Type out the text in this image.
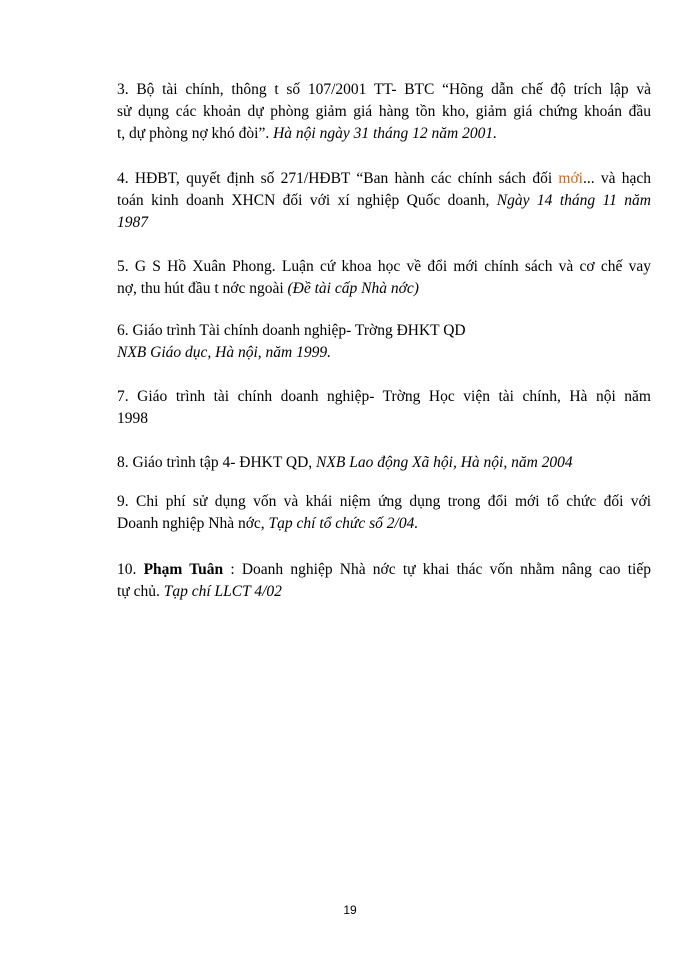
3. Bộ tài chính, thông t số 107/2001 TT- BTC “Hõng dẫn chế độ trích lập và
sử dụng các khoản dự phòng giảm giá hàng tồn kho, giảm giá chứng khoán đầu
t, dự phòng nợ khó đòi”. Hà nội ngày 31 tháng 12 năm 2001.

4. HĐBT, quyết định số 271/HĐBT “Ban hành các chính sách đối mới... và hạch
toán kinh doanh XHCN đối với xí nghiệp Quốc doanh, Ngày 14 tháng 11 năm
1987

5. G S Hồ Xuân Phong. Luận cứ khoa học về đổi mới chính sách và cơ chế vay
nợ, thu hút đầu t nớc ngoài (Đề tài cấp Nhà nớc)

6. Giáo trình Tài chính doanh nghiệp- Trờng ĐHKT QD
NXB Giáo dục, Hà nội, năm 1999.

7. Giáo trình tài chính doanh nghiệp- Trờng Học viện tài chính, Hà nội năm
1998

8. Giáo trình tập 4- ĐHKT QD, NXB Lao động Xã hội, Hà nội, năm 2004

9. Chi phí sử dụng vốn và khái niệm ứng dụng trong đổi mới tổ chức đối với
Doanh nghiệp Nhà nớc, Tạp chí tổ chức số 2/04.

10. Phạm Tuân : Doanh nghiệp Nhà nớc tự khai thác vốn nhằm nâng cao tiếp
tự chủ. Tạp chí LLCT 4/02

19
